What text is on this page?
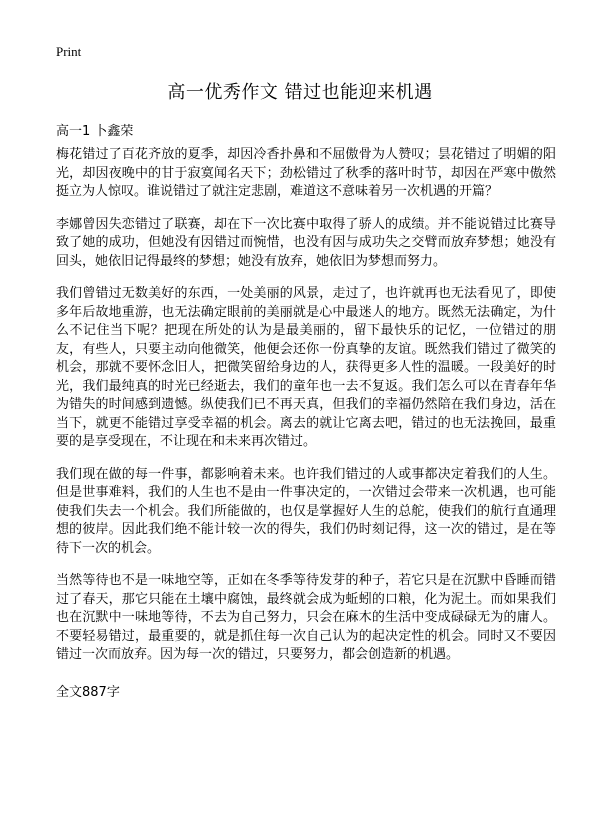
Print
高一优秀作文 错过也能迎来机遇
高一1 卜鑫荣

梅花错过了百花齐放的夏季，却因冷香扑鼻和不屈傲骨为人赞叹；昙花错过了明媚的阳光，却因夜晚中的甘于寂寞闻名天下；劲松错过了秋季的落叶时节，却因在严寒中傲然挺立为人惊叹。谁说错过了就注定悲剧，难道这不意味着另一次机遇的开篇？

李娜曾因失恋错过了联赛，却在下一次比赛中取得了骄人的成绩。并不能说错过比赛导致了她的成功，但她没有因错过而惋惜，也没有因与成功失之交臂而放弃梦想；她没有回头，她依旧记得最终的梦想；她没有放弃，她依旧为梦想而努力。

我们曾错过无数美好的东西，一处美丽的风景，走过了，也许就再也无法看见了，即使多年后故地重游，也无法确定眼前的美丽就是心中最迷人的地方。既然无法确定，为什么不记住当下呢？把现在所处的认为是最美丽的，留下最快乐的记忆，一位错过的朋友，有些人，只要主动向他微笑，他便会还你一份真挚的友谊。既然我们错过了微笑的机会，那就不要怀念旧人，把微笑留给身边的人，获得更多人性的温暖。一段美好的时光，我们最纯真的时光已经逝去，我们的童年也一去不复返。我们怎么可以在青春年华为错失的时间感到遗憾。纵使我们已不再天真，但我们的幸福仍然陪在我们身边，活在当下，就更不能错过享受幸福的机会。离去的就让它离去吧，错过的也无法挽回，最重要的是享受现在，不让现在和未来再次错过。

我们现在做的每一件事，都影响着未来。也许我们错过的人或事都决定着我们的人生。但是世事难料，我们的人生也不是由一件事决定的，一次错过会带来一次机遇，也可能使我们失去一个机会。我们所能做的，也仅是掌握好人生的总舵，使我们的航行直通理想的彼岸。因此我们绝不能计较一次的得失，我们仍时刻记得，这一次的错过，是在等待下一次的机会。

当然等待也不是一味地空等，正如在冬季等待发芽的种子，若它只是在沉默中昏睡而错过了春天，那它只能在土壤中腐蚀，最终就会成为蚯蚓的口粮，化为泥土。而如果我们也在沉默中一味地等待，不去为自己努力，只会在麻木的生活中变成碌碌无为的庸人。不要轻易错过，最重要的，就是抓住每一次自己认为的起决定性的机会。同时又不要因错过一次而放弃。因为每一次的错过，只要努力，都会创造新的机遇。

全文887字
